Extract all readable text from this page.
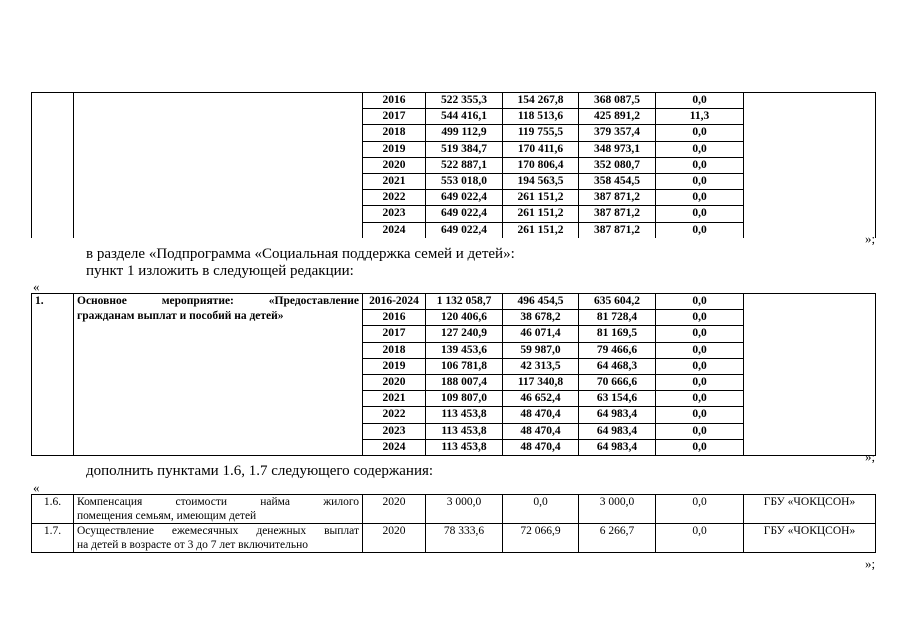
		2016	522 355,3	154 267,8	368 087,5	0,0	
		2017	544 416,1	118 513,6	425 891,2	11,3	
		2018	499 112,9	119 755,5	379 357,4	0,0	
		2019	519 384,7	170 411,6	348 973,1	0,0	
		2020	522 887,1	170 806,4	352 080,7	0,0	
		2021	553 018,0	194 563,5	358 454,5	0,0	
		2022	649 022,4	261 151,2	387 871,2	0,0	
		2023	649 022,4	261 151,2	387 871,2	0,0	
		2024	649 022,4	261 151,2	387 871,2	0,0	
»;
в разделе «Подпрограмма «Социальная поддержка семей и детей»:
пункт 1 изложить в следующей редакции:
«
1.	Основное мероприятие: «Предоставление
гражданам выплат и пособий на детей»	2016-2024	1 132 058,7	496 454,5	635 604,2	0,0	
		2016	120 406,6	38 678,2	81 728,4	0,0	
		2017	127 240,9	46 071,4	81 169,5	0,0	
		2018	139 453,6	59 987,0	79 466,6	0,0	
		2019	106 781,8	42 313,5	64 468,3	0,0	
		2020	188 007,4	117 340,8	70 666,6	0,0	
		2021	109 807,0	46 652,4	63 154,6	0,0	
		2022	113 453,8	48 470,4	64 983,4	0,0	
		2023	113 453,8	48 470,4	64 983,4	0,0	
		2024	113 453,8	48 470,4	64 983,4	0,0	
»;
дополнить пунктами 1.6, 1.7 следующего содержания:
«
1.6.	Компенсация стоимости найма жилого
помещения семьям, имеющим детей	2020	3 000,0	0,0	3 000,0	0,0	ГБУ «ЧОКЦСОН»
1.7.	Осуществление ежемесячных денежных выплат
на детей в возрасте от 3 до 7 лет включительно	2020	78 333,6	72 066,9	6 266,7	0,0	ГБУ «ЧОКЦСОН»
»;
